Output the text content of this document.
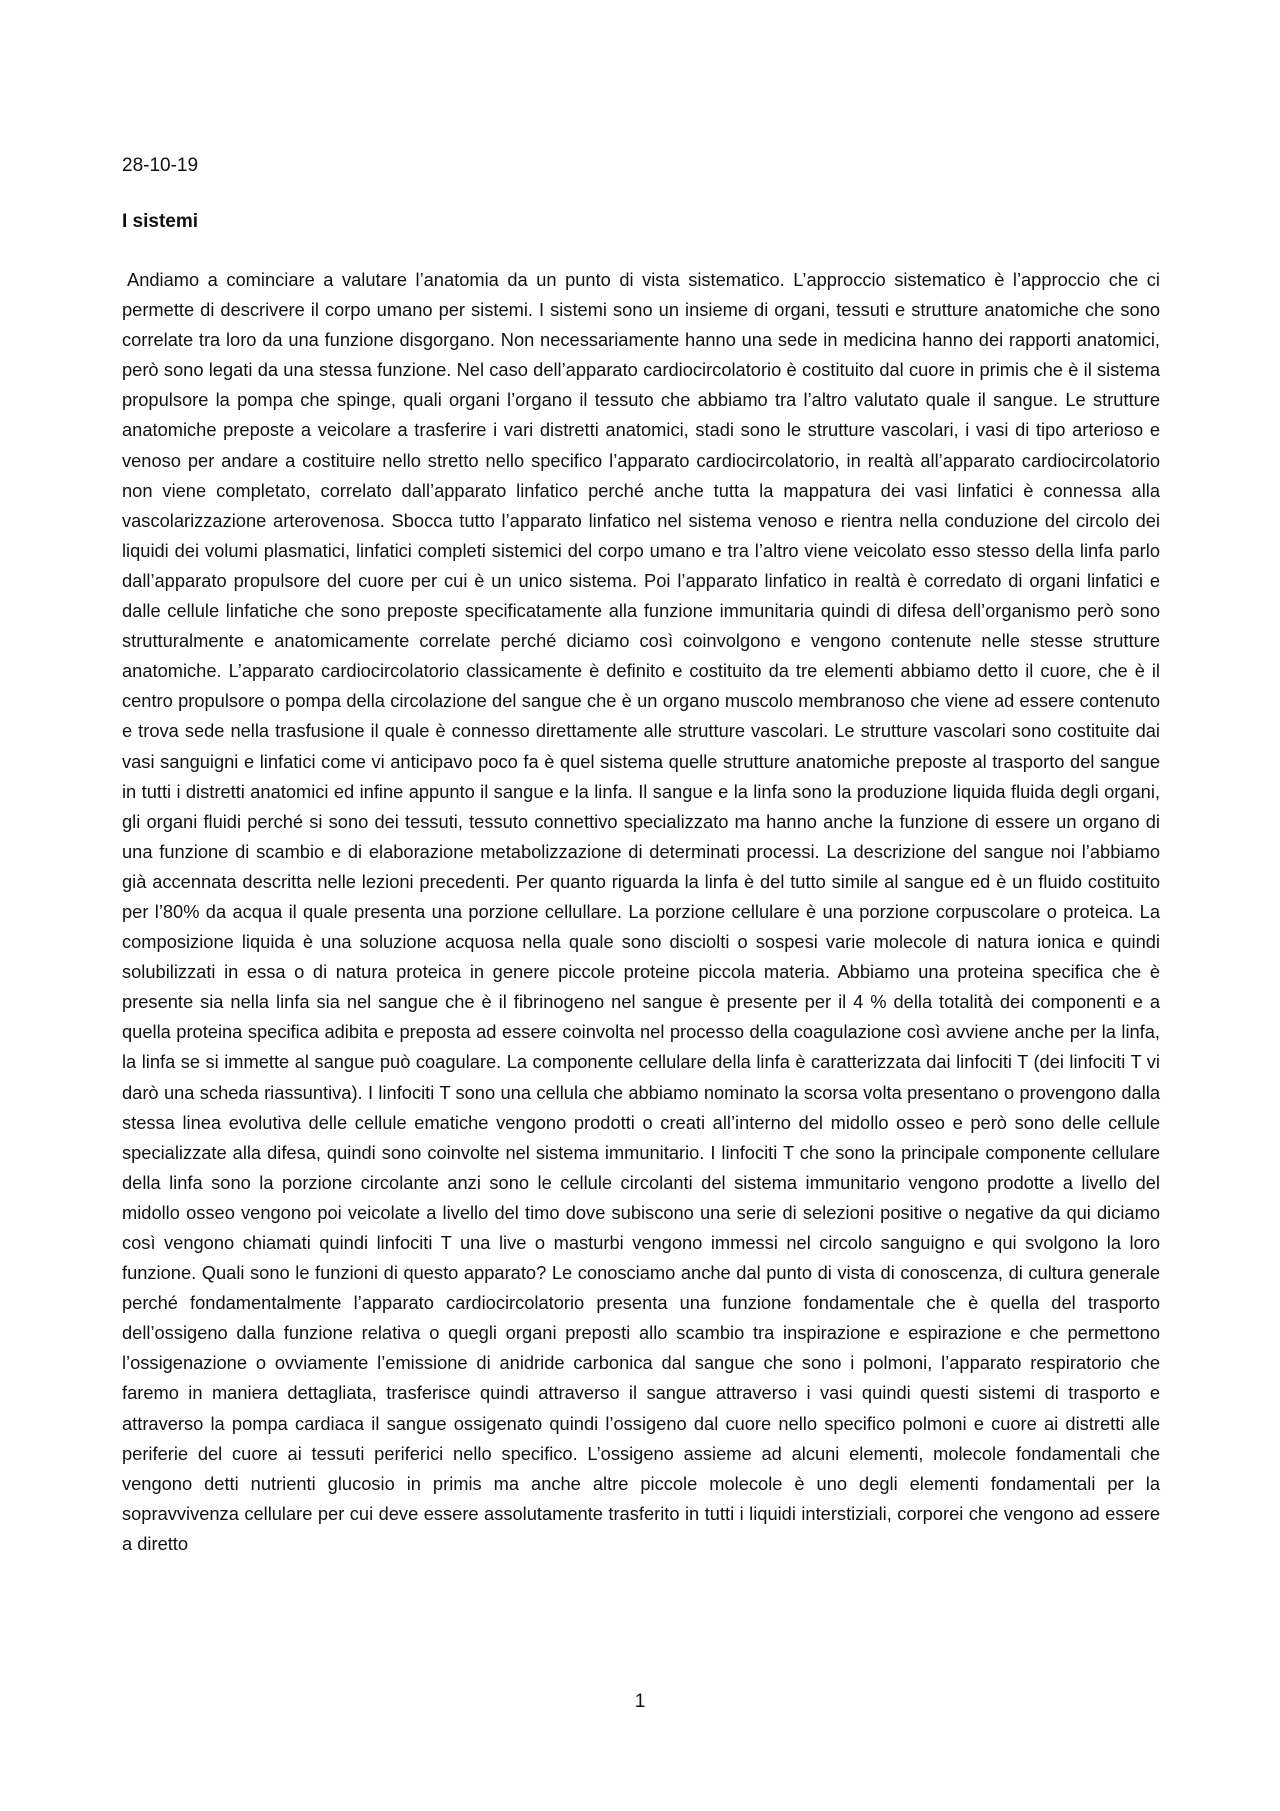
28-10-19
I sistemi

Andiamo a cominciare a valutare l’anatomia da un punto di vista sistematico. L’approccio sistematico è l’approccio che ci permette di descrivere il corpo umano per sistemi. I sistemi sono un insieme di organi, tessuti e strutture anatomiche che sono correlate tra loro da una funzione disgorgano. Non necessariamente hanno una sede in medicina hanno dei rapporti anatomici, però sono legati da una stessa funzione. Nel caso dell’apparato cardiocircolatorio è costituito dal cuore in primis che è il sistema propulsore la pompa che spinge, quali organi l’organo il tessuto che abbiamo tra l’altro valutato quale il sangue. Le strutture anatomiche preposte a veicolare a trasferire i vari distretti anatomici, stadi sono le strutture vascolari, i vasi di tipo arterioso e venoso per andare a costituire nello stretto nello specifico l’apparato cardiocircolatorio, in realtà all’apparato cardiocircolatorio non viene completato, correlato dall’apparato linfatico perché anche tutta la mappatura dei vasi linfatici è connessa alla vascolarizzazione arterovenosa. Sbocca tutto l’apparato linfatico nel sistema venoso e rientra nella conduzione del circolo dei liquidi dei volumi plasmatici, linfatici completi sistemici del corpo umano e tra l’altro viene veicolato esso stesso della linfa parlo dall’apparato propulsore del cuore per cui è un unico sistema. Poi l’apparato linfatico in realtà è corredato di organi linfatici e dalle cellule linfatiche che sono preposte specificatamente alla funzione immunitaria quindi di difesa dell’organismo però sono strutturalmente e anatomicamente correlate perché diciamo così coinvolgono e vengono contenute nelle stesse strutture anatomiche. L’apparato cardiocircolatorio classicamente è definito e costituito da tre elementi abbiamo detto il cuore, che è il centro propulsore o pompa della circolazione del sangue che è un organo muscolo membranoso che viene ad essere contenuto e trova sede nella trasfusione il quale è connesso direttamente alle strutture vascolari. Le strutture vascolari sono costituite dai vasi sanguigni e linfatici come vi anticipavo poco fa è quel sistema quelle strutture anatomiche preposte al trasporto del sangue in tutti i distretti anatomici ed infine appunto il sangue e la linfa. Il sangue e la linfa sono la produzione liquida fluida degli organi, gli organi fluidi perché si sono dei tessuti, tessuto connettivo specializzato ma hanno anche la funzione di essere un organo di una funzione di scambio e di elaborazione metabolizzazione di determinati processi. La descrizione del sangue noi l’abbiamo già accennata descritta nelle lezioni precedenti. Per quanto riguarda la linfa è del tutto simile al sangue ed è un fluido costituito per l’80% da acqua il quale presenta una porzione cellullare. La porzione cellulare è una porzione corpuscolare o proteica. La composizione liquida è una soluzione acquosa nella quale sono disciolti o sospesi varie molecole di natura ionica e quindi solubilizzati in essa o di natura proteica in genere piccole proteine piccola materia. Abbiamo una proteina specifica che è presente sia nella linfa sia nel sangue che è il fibrinogeno nel sangue è presente per il 4 % della totalità dei componenti e a quella proteina specifica adibita e preposta ad essere coinvolta nel processo della coagulazione così avviene anche per la linfa, la linfa se si immette al sangue può coagulare. La componente cellulare della linfa è caratterizzata dai linfociti T (dei linfociti T vi darò una scheda riassuntiva). I linfociti T sono una cellula che abbiamo nominato la scorsa volta presentano o provengono dalla stessa linea evolutiva delle cellule ematiche vengono prodotti o creati all’interno del midollo osseo e però sono delle cellule specializzate alla difesa, quindi sono coinvolte nel sistema immunitario. I linfociti T che sono la principale componente cellulare della linfa sono la porzione circolante anzi sono le cellule circolanti del sistema immunitario vengono prodotte a livello del midollo osseo vengono poi veicolate a livello del timo dove subiscono una serie di selezioni positive o negative da qui diciamo così vengono chiamati quindi linfociti T una live o masturbi vengono immessi nel circolo sanguigno e qui svolgono la loro funzione. Quali sono le funzioni di questo apparato? Le conosciamo anche dal punto di vista di conoscenza, di cultura generale perché fondamentalmente l’apparato cardiocircolatorio presenta una funzione fondamentale che è quella del trasporto dell’ossigeno dalla funzione relativa o quegli organi preposti allo scambio tra inspirazione e espirazione e che permettono l’ossigenazione o ovviamente l’emissione di anidride carbonica dal sangue che sono i polmoni, l’apparato respiratorio che faremo in maniera dettagliata, trasferisce quindi attraverso il sangue attraverso i vasi quindi questi sistemi di trasporto e attraverso la pompa cardiaca il sangue ossigenato quindi l’ossigeno dal cuore nello specifico polmoni e cuore ai distretti alle periferie del cuore ai tessuti periferici nello specifico. L’ossigeno assieme ad alcuni elementi, molecole fondamentali che vengono detti nutrienti glucosio in primis ma anche altre piccole molecole è uno degli elementi fondamentali per la sopravvivenza cellulare per cui deve essere assolutamente trasferito in tutti i liquidi interstiziali, corporei che vengono ad essere a diretto

1
